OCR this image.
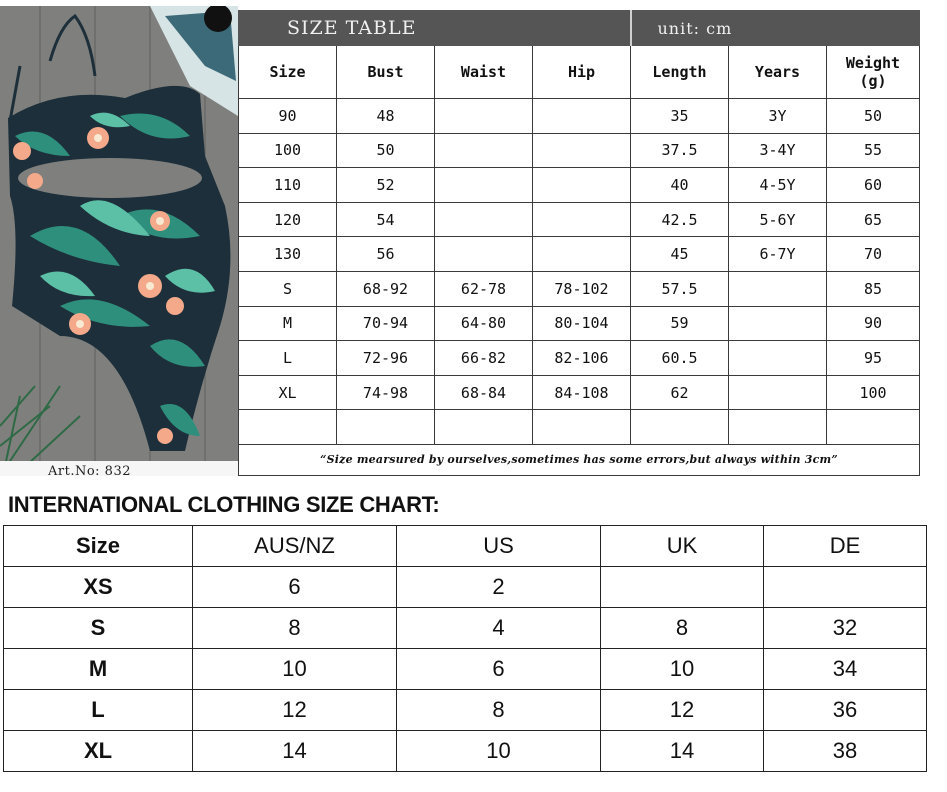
Art.No: 832
SIZE TABLE				unit: cm		
Size	Bust	Waist	Hip	Length	Years	Weight
(g)
90	48			35	3Y	50
100	50			37.5	3-4Y	55
110	52			40	4-5Y	60
120	54			42.5	5-6Y	65
130	56			45	6-7Y	70
S	68-92	62-78	78-102	57.5		85
M	70-94	64-80	80-104	59		90
L	72-96	66-82	82-106	60.5		95
XL	74-98	68-84	84-108	62		100

“Size mearsured by ourselves,sometimes has some errors,but always within 3cm”						
INTERNATIONAL CLOTHING SIZE CHART:
Size	AUS/NZ	US	UK	DE
XS	6	2		
S	8	4	8	32
M	10	6	10	34
L	12	8	12	36
XL	14	10	14	38
